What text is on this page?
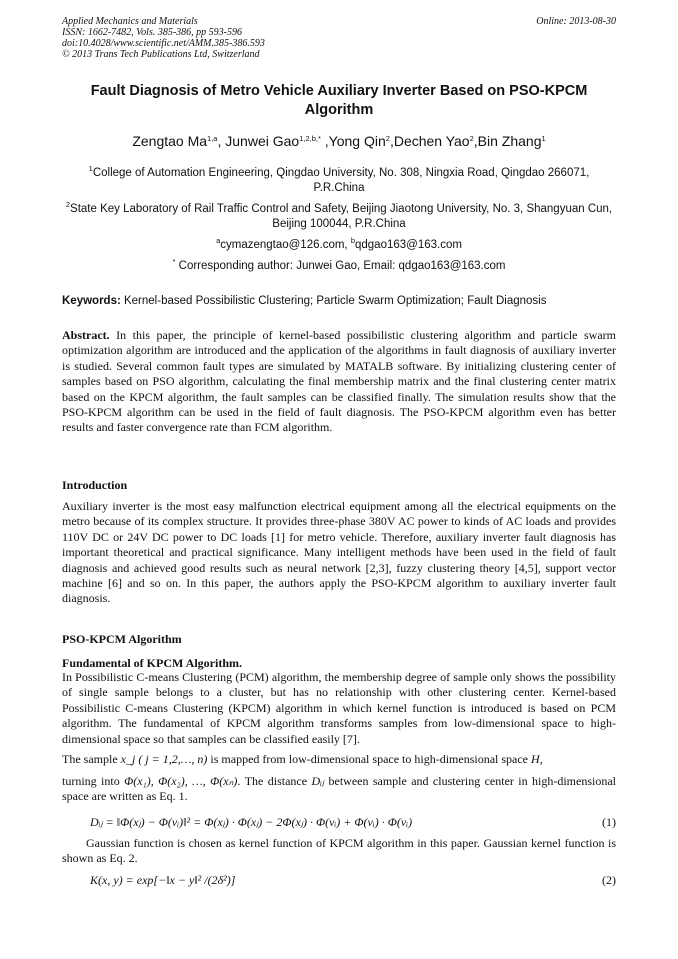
Applied Mechanics and Materials
ISSN: 1662-7482, Vols. 385-386, pp 593-596
doi:10.4028/www.scientific.net/AMM.385-386.593
© 2013 Trans Tech Publications Ltd, Switzerland
Online: 2013-08-30
Fault Diagnosis of Metro Vehicle Auxiliary Inverter Based on PSO-KPCM Algorithm
Zengtao Ma$^{1,a}$, Junwei Gao$^{1,2,b,*}$ ,Yong Qin$^2$,Dechen Yao$^2$,Bin Zhang$^1$
$^1$College of Automation Engineering, Qingdao University, No. 308, Ningxia Road, Qingdao 266071, P.R.China
$^2$State Key Laboratory of Rail Traffic Control and Safety, Beijing Jiaotong University, No. 3, Shangyuan Cun, Beijing 100044, P.R.China
$^a$cymazengtao@126.com, $^b$qdgao163@163.com
* Corresponding author: Junwei Gao, Email: qdgao163@163.com
Keywords: Kernel-based Possibilistic Clustering; Particle Swarm Optimization; Fault Diagnosis
Abstract. In this paper, the principle of kernel-based possibilistic clustering algorithm and particle swarm optimization algorithm are introduced and the application of the algorithms in fault diagnosis of auxiliary inverter is studied. Several common fault types are simulated by MATALB software. By initializing clustering center of samples based on PSO algorithm, calculating the final membership matrix and the final clustering center matrix based on the KPCM algorithm, the fault samples can be classified finally. The simulation results show that the PSO-KPCM algorithm can be used in the field of fault diagnosis. The PSO-KPCM algorithm even has better results and faster convergence rate than FCM algorithm.
Introduction
Auxiliary inverter is the most easy malfunction electrical equipment among all the electrical equipments on the metro because of its complex structure. It provides three-phase 380V AC power to kinds of AC loads and provides 110V DC or 24V DC power to DC loads [1] for metro vehicle. Therefore, auxiliary inverter fault diagnosis has important theoretical and practical significance. Many intelligent methods have been used in the field of fault diagnosis and achieved good results such as neural network [2,3], fuzzy clustering theory [4,5], support vector machine [6] and so on. In this paper, the authors apply the PSO-KPCM algorithm to auxiliary inverter fault diagnosis.
PSO-KPCM Algorithm
Fundamental of KPCM Algorithm.
In Possibilistic C-means Clustering (PCM) algorithm, the membership degree of sample only shows the possibility of single sample belongs to a cluster, but has no relationship with other clustering center. Kernel-based Possibilistic C-means Clustering (KPCM) algorithm in which kernel function is introduced is based on PCM algorithm. The fundamental of KPCM algorithm transforms samples from low-dimensional space to high-dimensional space so that samples can be classified easily [7].
The sample x_j ( j = 1,2,…, n) is mapped from low-dimensional space to high-dimensional space H,
turning into Φ(x₁), Φ(x₂), …, Φ(xₙ). The distance Dᵢⱼ between sample and clustering center in high-dimensional space are written as Eq. 1.
Dᵢⱼ = ‖Φ(xⱼ) − Φ(vᵢ)‖² = Φ(xⱼ) · Φ(xⱼ) − 2Φ(xⱼ) · Φ(vᵢ) + Φ(vᵢ) · Φ(vᵢ)	(1)
Gaussian function is chosen as kernel function of KPCM algorithm in this paper. Gaussian kernel function is shown as Eq. 2.
K(x, y) = exp[−‖x − y‖² /(2δ²)]	(2)
